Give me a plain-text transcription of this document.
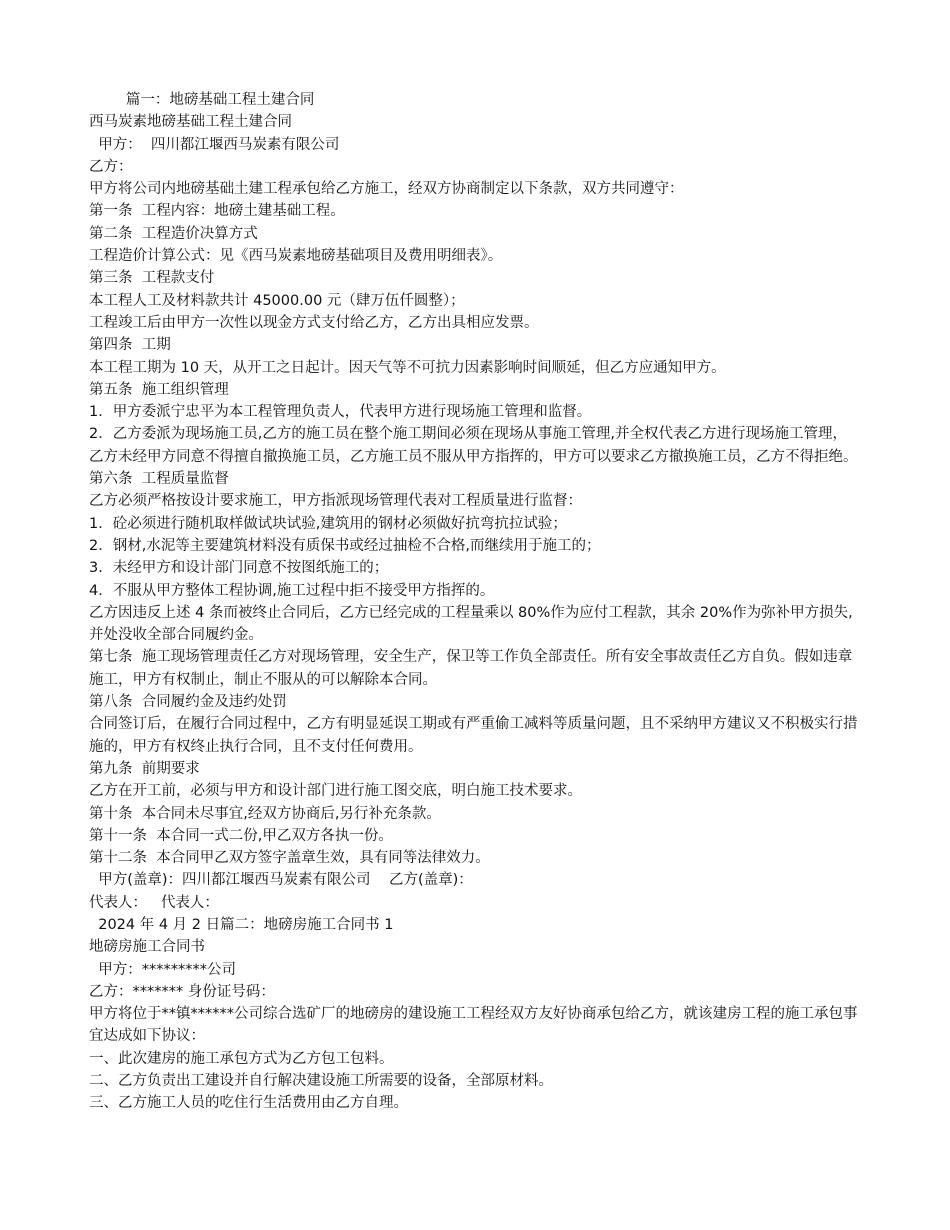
篇一：地磅基础工程土建合同

西马炭素地磅基础工程土建合同

甲方：  四川都江堰西马炭素有限公司

乙方：

甲方将公司内地磅基础土建工程承包给乙方施工，经双方协商制定以下条款，双方共同遵守：

第一条  工程内容：地磅土建基础工程。

第二条  工程造价决算方式

工程造价计算公式：见《西马炭素地磅基础项目及费用明细表》。

第三条  工程款支付

本工程人工及材料款共计 45000.00 元（肆万伍仟圆整）；

工程竣工后由甲方一次性以现金方式支付给乙方，乙方出具相应发票。

第四条  工期

本工程工期为 10 天，从开工之日起计。因天气等不可抗力因素影响时间顺延，但乙方应通知甲方。

第五条  施工组织管理

1．甲方委派宁忠平为本工程管理负责人，代表甲方进行现场施工管理和监督。

2．乙方委派为现场施工员,乙方的施工员在整个施工期间必须在现场从事施工管理,并全权代表乙方进行现场施工管理，乙方未经甲方同意不得擅自撤换施工员，乙方施工员不服从甲方指挥的，甲方可以要求乙方撤换施工员，乙方不得拒绝。

第六条  工程质量监督

乙方必须严格按设计要求施工，甲方指派现场管理代表对工程质量进行监督：

1．砼必须进行随机取样做试块试验,建筑用的钢材必须做好抗弯抗拉试验；

2．钢材,水泥等主要建筑材料没有质保书或经过抽检不合格,而继续用于施工的；

3．未经甲方和设计部门同意不按图纸施工的；

4．不服从甲方整体工程协调,施工过程中拒不接受甲方指挥的。

乙方因违反上述 4 条而被终止合同后，乙方已经完成的工程量乘以 80%作为应付工程款，其余 20%作为弥补甲方损失,并处没收全部合同履约金。

第七条  施工现场管理责任乙方对现场管理，安全生产，保卫等工作负全部责任。所有安全事故责任乙方自负。假如违章施工，甲方有权制止，制止不服从的可以解除本合同。

第八条  合同履约金及违约处罚

合同签订后，在履行合同过程中，乙方有明显延误工期或有严重偷工减料等质量问题，且不采纳甲方建议又不积极实行措施的，甲方有权终止执行合同，且不支付任何费用。

第九条  前期要求

乙方在开工前，必须与甲方和设计部门进行施工图交底，明白施工技术要求。

第十条  本合同未尽事宜,经双方协商后,另行补充条款。

第十一条  本合同一式二份,甲乙双方各执一份。

第十二条  本合同甲乙双方签字盖章生效，具有同等法律效力。

甲方(盖章)：四川都江堰西马炭素有限公司    乙方(盖章)：

代表人：   代表人：

2024 年 4 月 2 日篇二：地磅房施工合同书 1

地磅房施工合同书

甲方：*********公司

乙方：******* 身份证号码：

甲方将位于**镇******公司综合选矿厂的地磅房的建设施工工程经双方友好协商承包给乙方，就该建房工程的施工承包事宜达成如下协议：

一、此次建房的施工承包方式为乙方包工包料。

二、乙方负责出工建设并自行解决建设施工所需要的设备，全部原材料。

三、乙方施工人员的吃住行生活费用由乙方自理。
